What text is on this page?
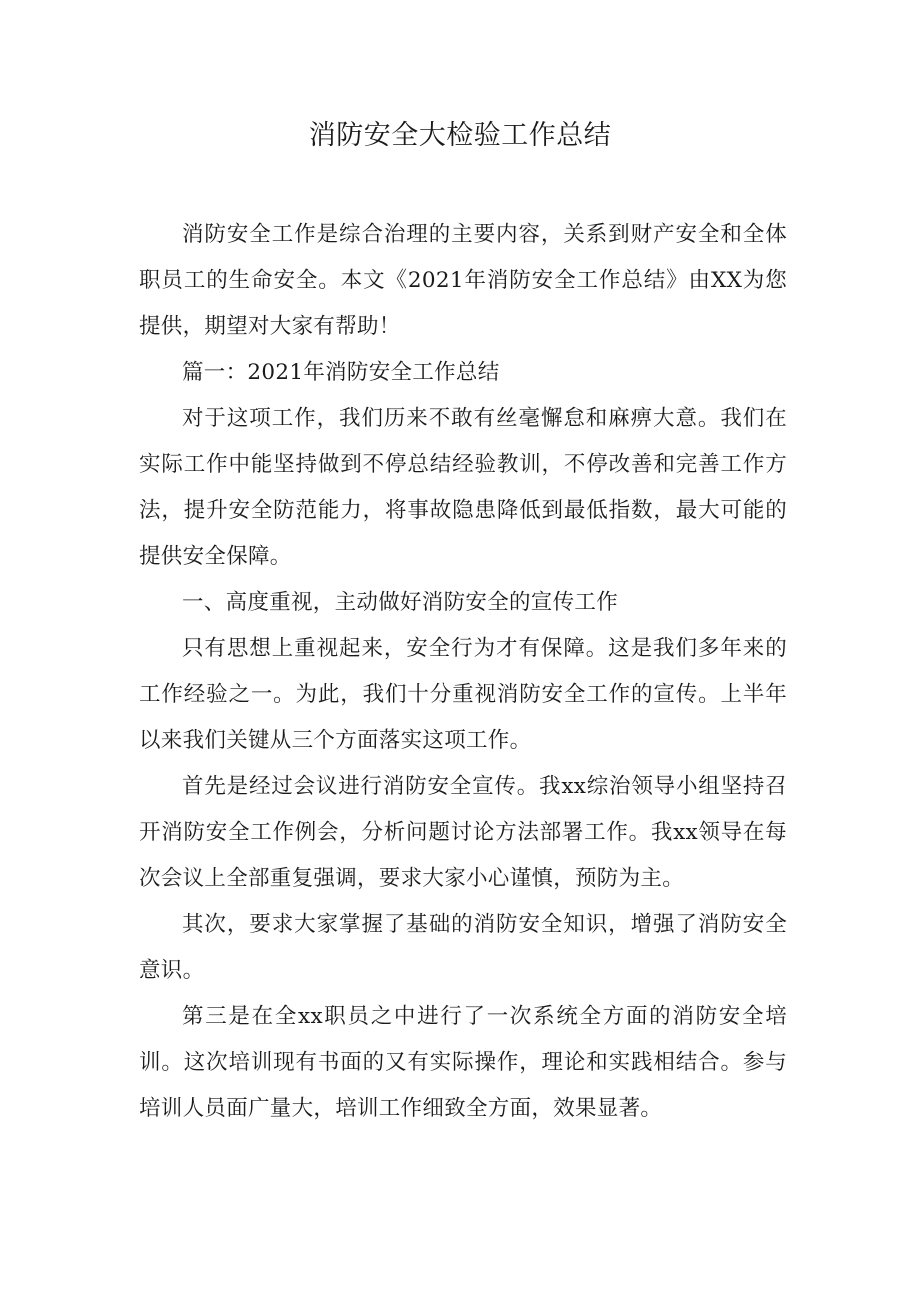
消防安全大检验工作总结

消防安全工作是综合治理的主要内容，关系到财产安全和全体职员工的生命安全。本文《2021年消防安全工作总结》由XX为您提供，期望对大家有帮助！

篇一：2021年消防安全工作总结

对于这项工作，我们历来不敢有丝毫懈怠和麻痹大意。我们在实际工作中能坚持做到不停总结经验教训，不停改善和完善工作方法，提升安全防范能力，将事故隐患降低到最低指数，最大可能的提供安全保障。

一、高度重视，主动做好消防安全的宣传工作

只有思想上重视起来，安全行为才有保障。这是我们多年来的工作经验之一。为此，我们十分重视消防安全工作的宣传。上半年以来我们关键从三个方面落实这项工作。

首先是经过会议进行消防安全宣传。我xx综治领导小组坚持召开消防安全工作例会，分析问题讨论方法部署工作。我xx领导在每次会议上全部重复强调，要求大家小心谨慎，预防为主。

其次，要求大家掌握了基础的消防安全知识，增强了消防安全意识。

第三是在全xx职员之中进行了一次系统全方面的消防安全培训。这次培训现有书面的又有实际操作，理论和实践相结合。参与培训人员面广量大，培训工作细致全方面，效果显著。
